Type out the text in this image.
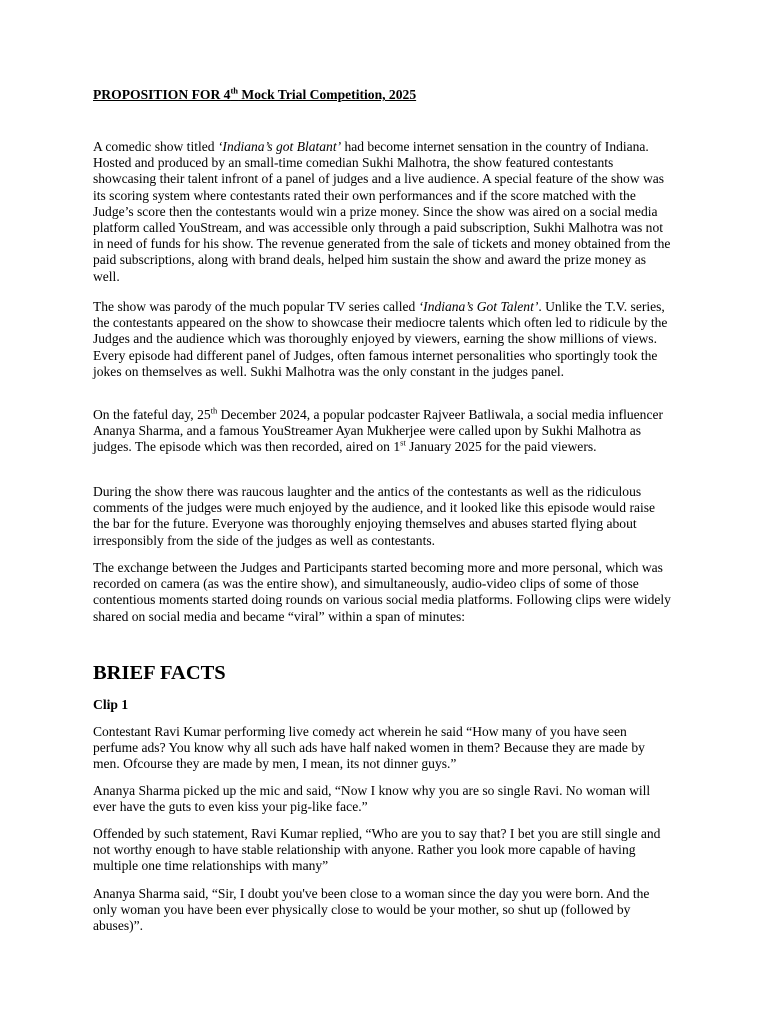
PROPOSITION FOR 4th Mock Trial Competition, 2025

A comedic show titled ‘Indiana’s got Blatant’ had become internet sensation in the country of Indiana. Hosted and produced by an small-time comedian Sukhi Malhotra, the show featured contestants showcasing their talent infront of a panel of judges and a live audience. A special feature of the show was its scoring system where contestants rated their own performances and if the score matched with the Judge’s score then the contestants would win a prize money. Since the show was aired on a social media platform called YouStream, and was accessible only through a paid subscription, Sukhi Malhotra was not in need of funds for his show. The revenue generated from the sale of tickets and money obtained from the paid subscriptions, along with brand deals, helped him sustain the show and award the prize money as well.

The show was parody of the much popular TV series called ‘Indiana’s Got Talent’. Unlike the T.V. series, the contestants appeared on the show to showcase their mediocre talents which often led to ridicule by the Judges and the audience which was thoroughly enjoyed by viewers, earning the show millions of views. Every episode had different panel of Judges, often famous internet personalities who sportingly took the jokes on themselves as well. Sukhi Malhotra was the only constant in the judges panel.

On the fateful day, 25th December 2024, a popular podcaster Rajveer Batliwala, a social media influencer Ananya Sharma, and a famous YouStreamer Ayan Mukherjee were called upon by Sukhi Malhotra as judges. The episode which was then recorded, aired on 1st January 2025 for the paid viewers.

During the show there was raucous laughter and the antics of the contestants as well as the ridiculous comments of the judges were much enjoyed by the audience, and it looked like this episode would raise the bar for the future. Everyone was thoroughly enjoying themselves and abuses started flying about irresponsibly from the side of the judges as well as contestants.

The exchange between the Judges and Participants started becoming more and more personal, which was recorded on camera (as was the entire show), and simultaneously, audio-video clips of some of those contentious moments started doing rounds on various social media platforms. Following clips were widely shared on social media and became “viral” within a span of minutes:

BRIEF FACTS
Clip 1

Contestant Ravi Kumar performing live comedy act wherein he said “How many of you have seen perfume ads? You know why all such ads have half naked women in them? Because they are made by men. Ofcourse they are made by men, I mean, its not dinner guys.”

Ananya Sharma picked up the mic and said, “Now I know why you are so single Ravi. No woman will ever have the guts to even kiss your pig-like face.”

Offended by such statement, Ravi Kumar replied, “Who are you to say that? I bet you are still single and not worthy enough to have stable relationship with anyone. Rather you look more capable of having multiple one time relationships with many”

Ananya Sharma said, “Sir, I doubt you've been close to a woman since the day you were born. And the only woman you have been ever physically close to would be your mother, so shut up (followed by abuses)”.
